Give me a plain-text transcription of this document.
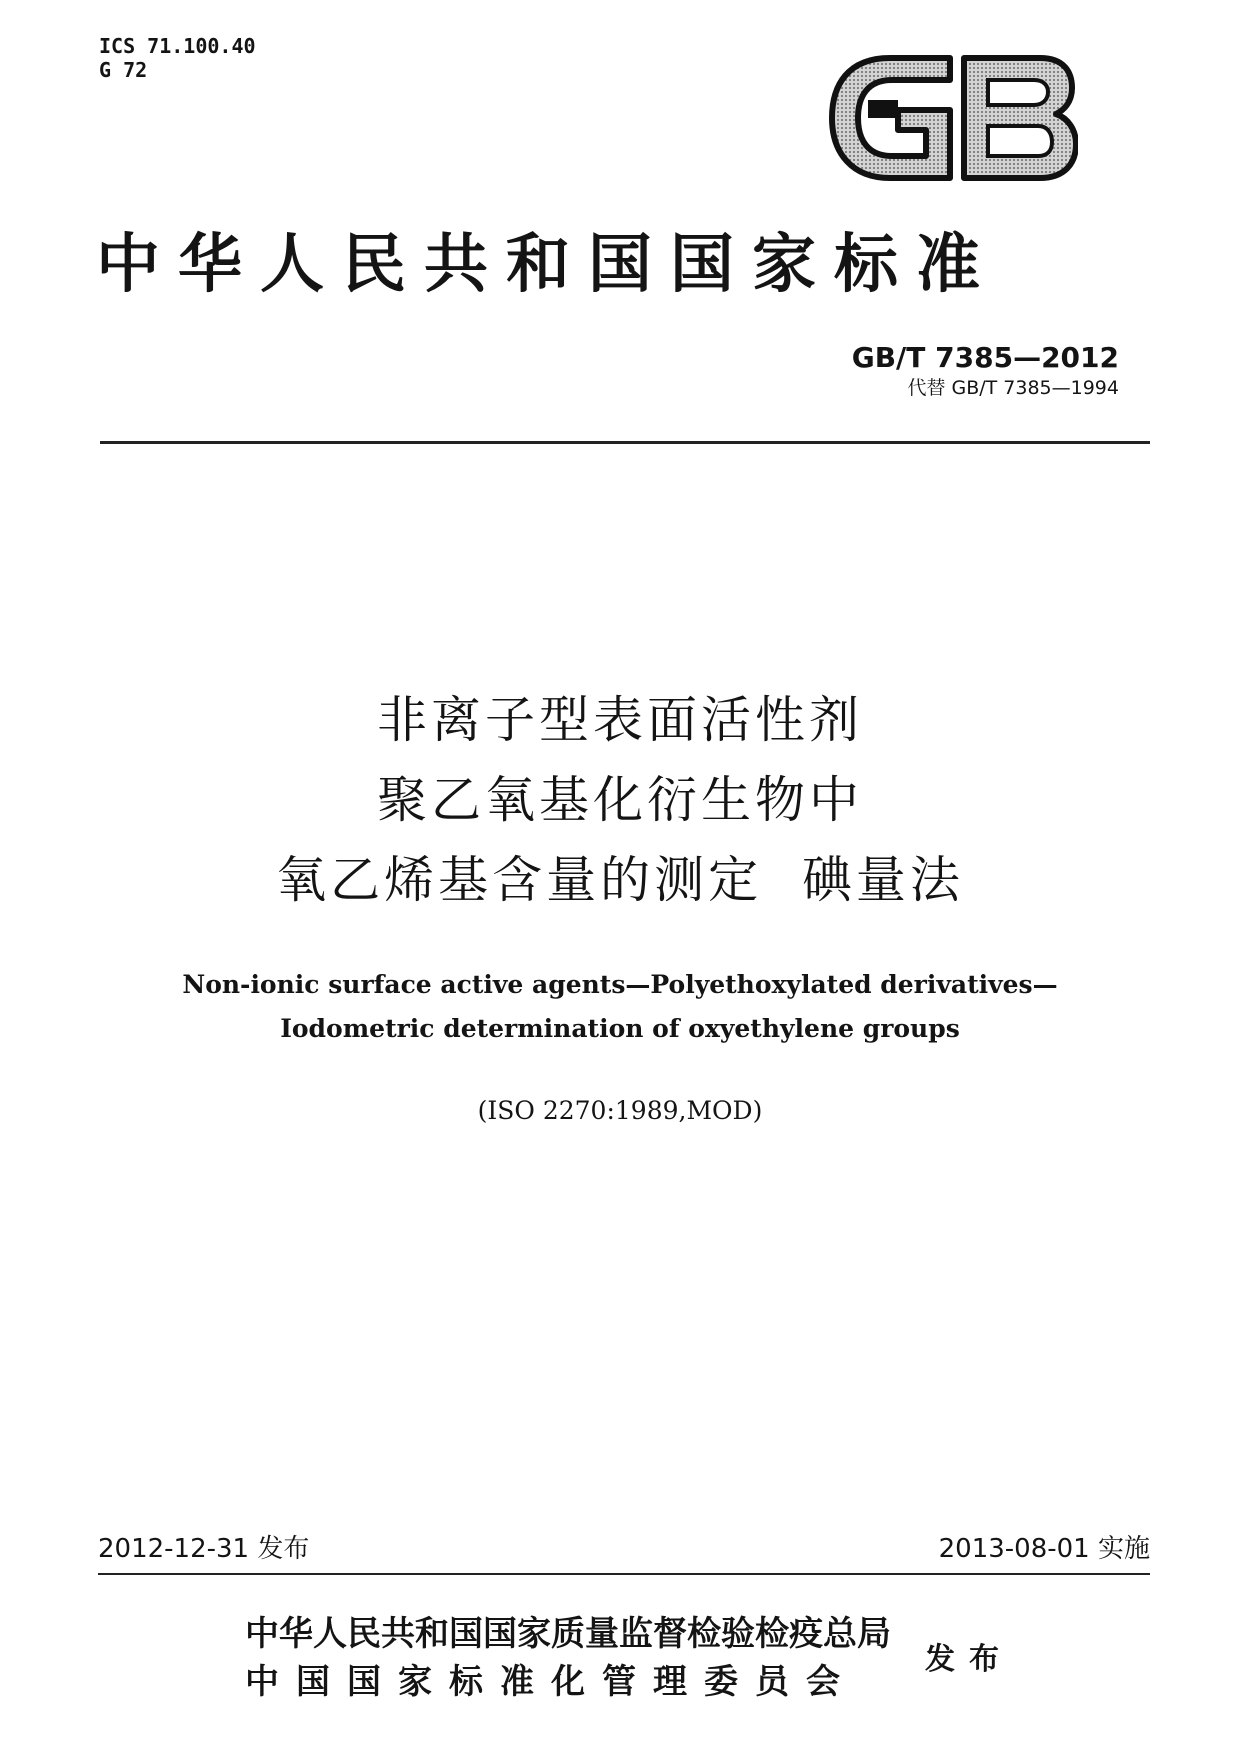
ICS 71.100.40
G 72
中华人民共和国国家标准
GB/T 7385—2012
代替 GB/T 7385—1994
非离子型表面活性剂
聚乙氧基化衍生物中
氧乙烯基含量的测定  碘量法
Non-ionic surface active agents—Polyethoxylated derivatives—
Iodometric determination of oxyethylene groups
(ISO 2270:1989,MOD)
2012-12-31 发布	2013-08-01 实施
中华人民共和国国家质量监督检验检疫总局
中国国家标准化管理委员会
发布
